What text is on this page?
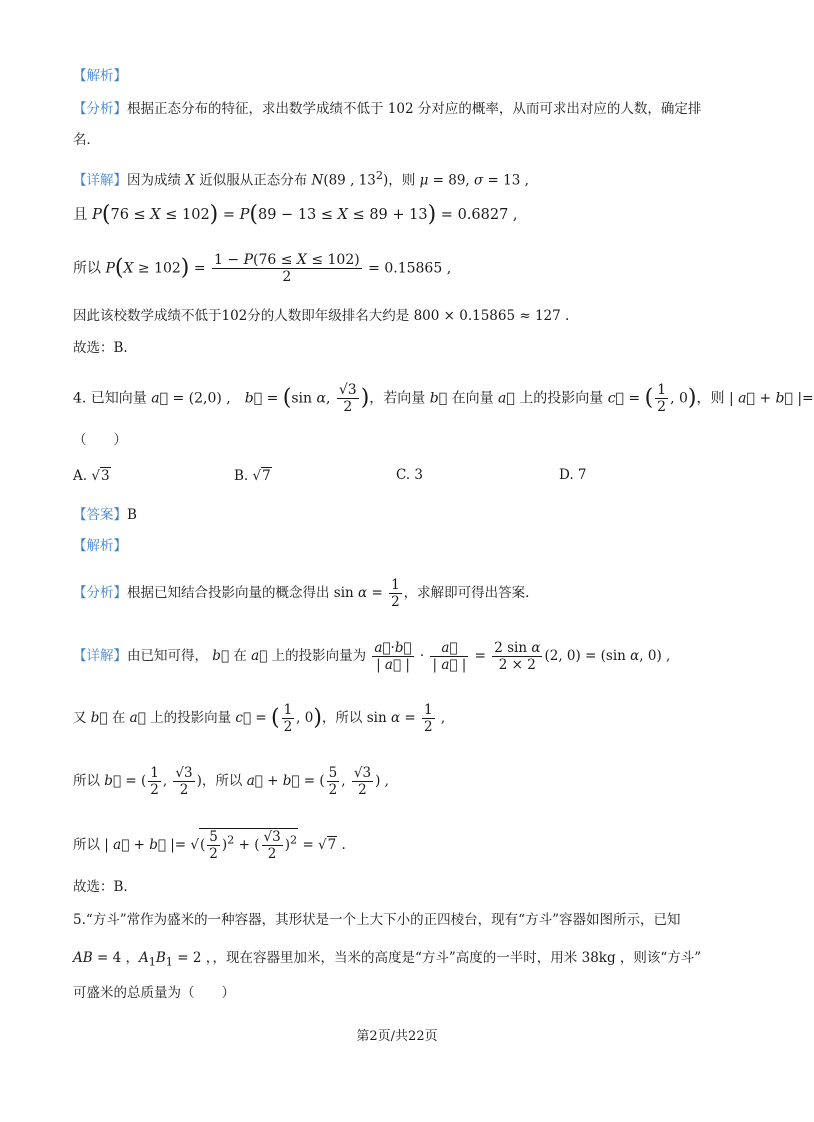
【解析】
【分析】根据正态分布的特征，求出数学成绩不低于 102 分对应的概率，从而可求出对应的人数，确定排
名．
【详解】因为成绩 X 近似服从正态分布 N(89 , $13^2$)，则 μ = 89, σ = 13 ,
且 P(76 ≤ X ≤ 102) = P(89 − 13 ≤ X ≤ 89 + 13) = 0.6827 ,
所以 $P(X \ge 102) = \frac{1 - P(76 \le X \le 102)}{2} = 0.15865$ ,
因此该校数学成绩不低于102分的人数即年级排名大约是 800 × 0.15865 ≈ 127 .
故选：B.
4. 已知向量 a⃗ = (2,0) ,　b⃗ = (sin α, $\frac{√3}{2}$ )，若向量 b⃗ 在向量 a⃗ 上的投影向量 c⃗ = ( $\frac{1}{2}$ , 0)，则 | a⃗ + b⃗ |=
（　　）
A. √3	B. √7	C. 3	D. 7
【答案】B
【解析】
【分析】根据已知结合投影向量的概念得出 $\sin \alpha = \frac{1}{2}$ ，求解即可得出答案.
【详解】由已知可得， b⃗ 在 a⃗ 上的投影向量为 $\frac{a⃗\cdot b⃗}{| a⃗ |} \cdot \frac{a⃗}{| a⃗ |} = \frac{\text{2 sin α}}{2 \times 2} (2$, 0) = (sin α, 0) ,
又 b⃗ 在 a⃗ 上的投影向量 c⃗ = ( $\frac{1}{2}$ , 0)，所以 $\sin \alpha = \frac{1}{2}$ ,
所以 b⃗ = ( $\frac{1}{2}$ , $\frac{√3}{2}$ )，所以 a⃗ + b⃗ = ( $\frac{5}{2}$ , $\frac{√3}{2}$ ) ,
所以 | a⃗ + b⃗ |= √( $\frac{5}{2} )^2$ + ( $\frac{√3}{2} )^2 = √7$ .
故选：B.
5.“方斗”常作为盛米的一种容器，其形状是一个上大下小的正四棱台，现有“方斗”容器如图所示，已知
AB = 4 ，$A_1B_1 = 2$ ，，现在容器里加米，当米的高度是“方斗”高度的一半时，用米 38kg ，则该“方斗”
可盛米的总质量为（　　）
第2页/共22页
